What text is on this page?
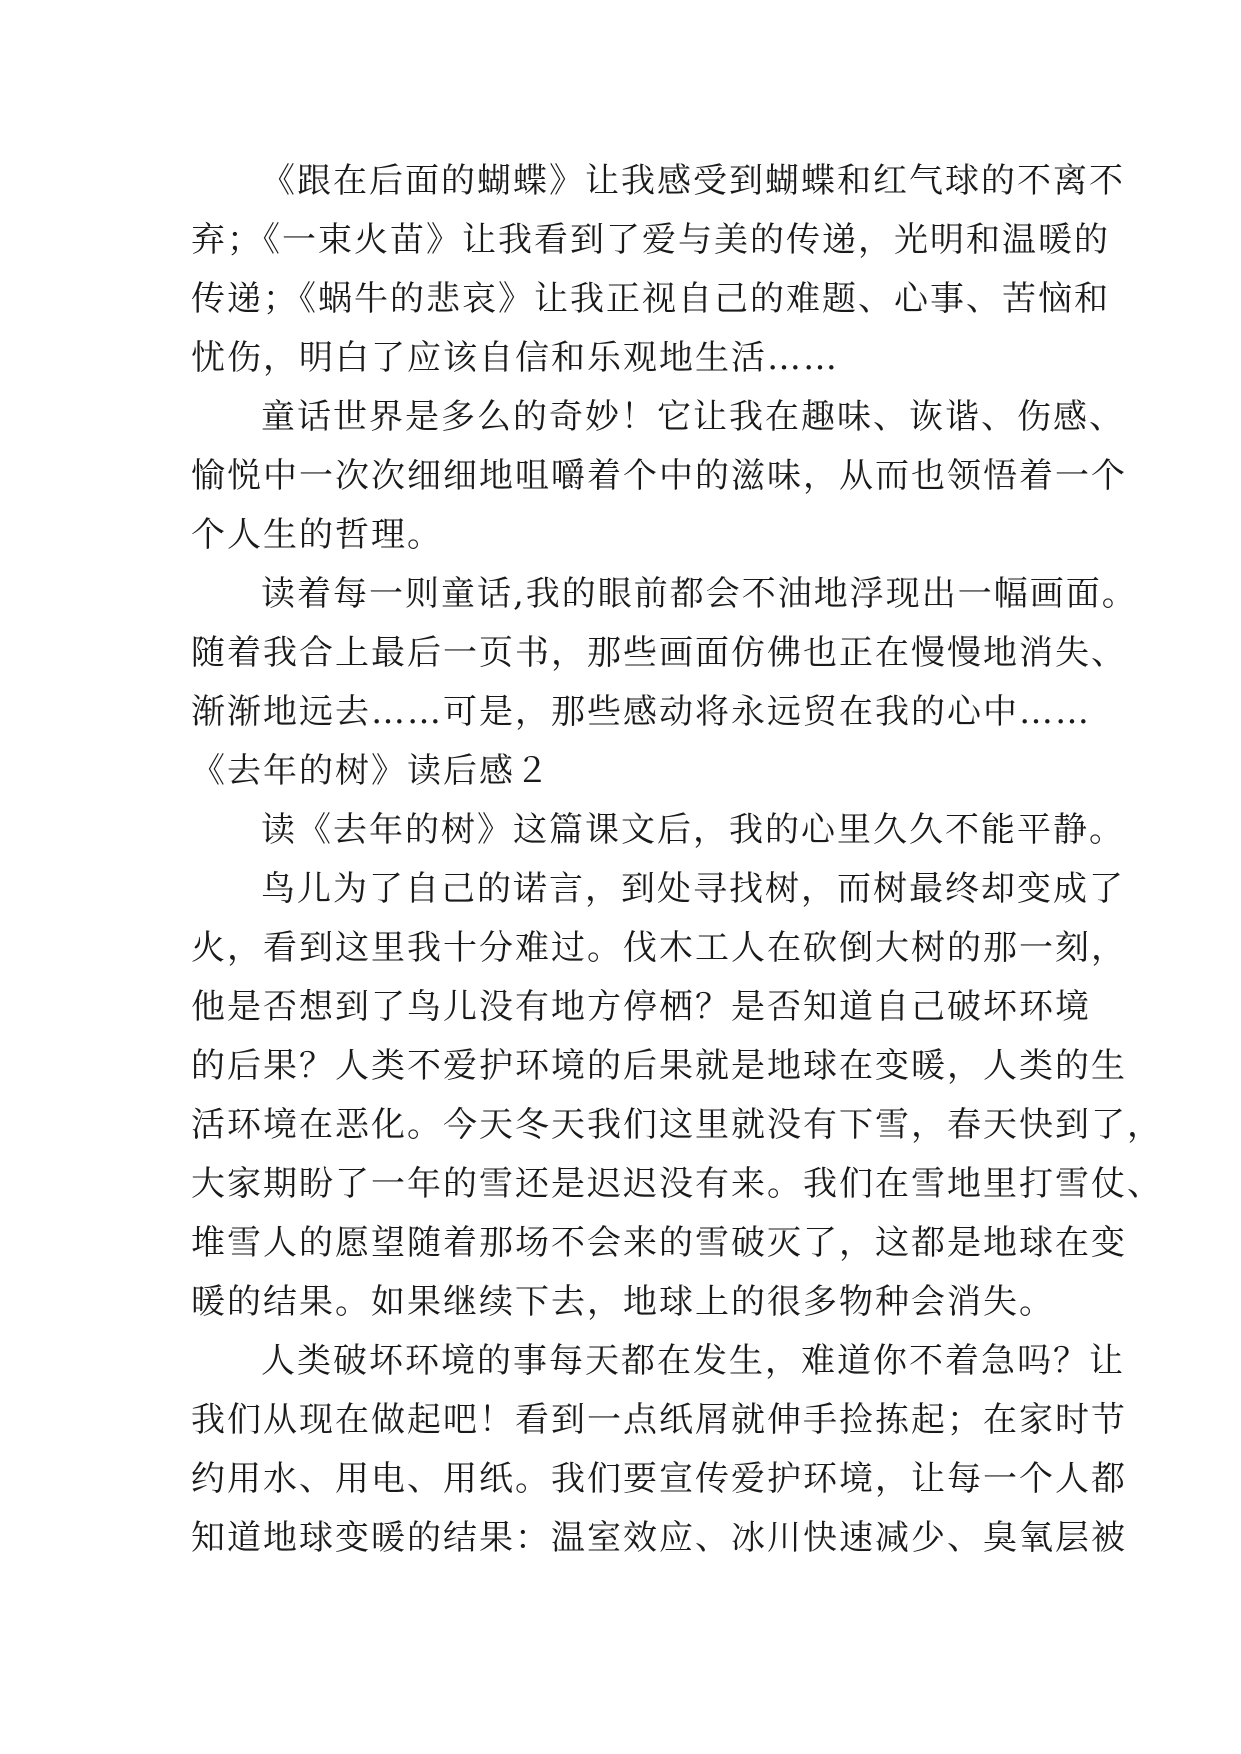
《跟在后面的蝴蝶》让我感受到蝴蝶和红气球的不离不
弃；《一束火苗》让我看到了爱与美的传递，光明和温暖的
传递；《蜗牛的悲哀》让我正视自己的难题、心事、苦恼和
忧伤，明白了应该自信和乐观地生活……
童话世界是多么的奇妙！它让我在趣味、诙谐、伤感、
愉悦中一次次细细地咀嚼着个中的滋味，从而也领悟着一个
个人生的哲理。
读着每一则童话,我的眼前都会不油地浮现出一幅画面。
随着我合上最后一页书，那些画面仿佛也正在慢慢地消失、
渐渐地远去……可是，那些感动将永远贸在我的心中……
《去年的树》读后感２
读《去年的树》这篇课文后，我的心里久久不能平静。
鸟儿为了自己的诺言，到处寻找树，而树最终却变成了
火，看到这里我十分难过。伐木工人在砍倒大树的那一刻，
他是否想到了鸟儿没有地方停栖？是否知道自己破坏环境
的后果？人类不爱护环境的后果就是地球在变暖，人类的生
活环境在恶化。今天冬天我们这里就没有下雪，春天快到了，
大家期盼了一年的雪还是迟迟没有来。我们在雪地里打雪仗、
堆雪人的愿望随着那场不会来的雪破灭了，这都是地球在变
暖的结果。如果继续下去，地球上的很多物种会消失。
人类破坏环境的事每天都在发生，难道你不着急吗？让
我们从现在做起吧！看到一点纸屑就伸手捡拣起；在家时节
约用水、用电、用纸。我们要宣传爱护环境，让每一个人都
知道地球变暖的结果：温室效应、冰川快速减少、臭氧层被
